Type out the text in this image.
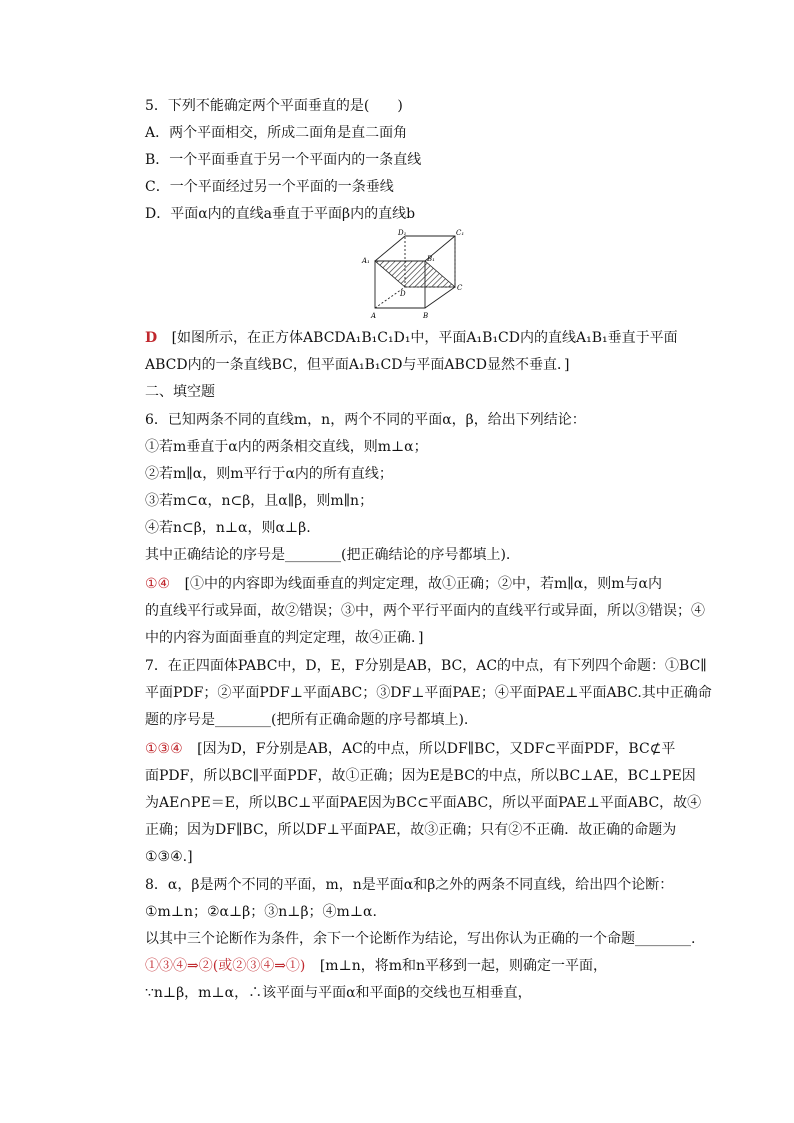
5．下列不能确定两个平面垂直的是(　　)
A．两个平面相交，所成二面角是直二面角
B．一个平面垂直于另一个平面内的一条直线
C．一个平面经过另一个平面的一条垂线
D．平面α内的直线a垂直于平面β内的直线b
D₁	C₁
A₁	B₁
D
C
A	B
D [如图所示，在正方体ABCDA₁B₁C₁D₁中，平面A₁B₁CD内的直线A₁B₁垂直于平面
ABCD内的一条直线BC，但平面A₁B₁CD与平面ABCD显然不垂直．]
二、填空题
6．已知两条不同的直线m，n，两个不同的平面α，β，给出下列结论：
①若m垂直于α内的两条相交直线，则m⊥α；
②若m∥α，则m平行于α内的所有直线；
③若m⊂α，n⊂β，且α∥β，则m∥n；
④若n⊂β，n⊥α，则α⊥β.
其中正确结论的序号是________(把正确结论的序号都填上).
①④ [①中的内容即为线面垂直的判定定理，故①正确；②中，若m∥α，则m与α内
的直线平行或异面，故②错误；③中，两个平行平面内的直线平行或异面，所以③错误；④
中的内容为面面垂直的判定定理，故④正确．]
7．在正四面体PABC中，D，E，F分别是AB，BC，AC的中点，有下列四个命题：①BC∥
平面PDF；②平面PDF⊥平面ABC；③DF⊥平面PAE；④平面PAE⊥平面ABC.其中正确命
题的序号是________(把所有正确命题的序号都填上).
①③④ [因为D，F分别是AB，AC的中点，所以DF∥BC，又DF⊂平面PDF，BC⊄平
面PDF，所以BC∥平面PDF，故①正确；因为E是BC的中点，所以BC⊥AE，BC⊥PE因
为AE∩PE＝E，所以BC⊥平面PAE因为BC⊂平面ABC，所以平面PAE⊥平面ABC，故④
正确；因为DF∥BC，所以DF⊥平面PAE，故③正确；只有②不正确．故正确的命题为
①③④.]
8．α，β是两个不同的平面，m，n是平面α和β之外的两条不同直线，给出四个论断：
①m⊥n；②α⊥β；③n⊥β；④m⊥α.
以其中三个论断作为条件，余下一个论断作为结论，写出你认为正确的一个命题________.
①③④⇒②(或②③④⇒①) [m⊥n，将m和n平移到一起，则确定一平面，
∵n⊥β，m⊥α，∴该平面与平面α和平面β的交线也互相垂直，
